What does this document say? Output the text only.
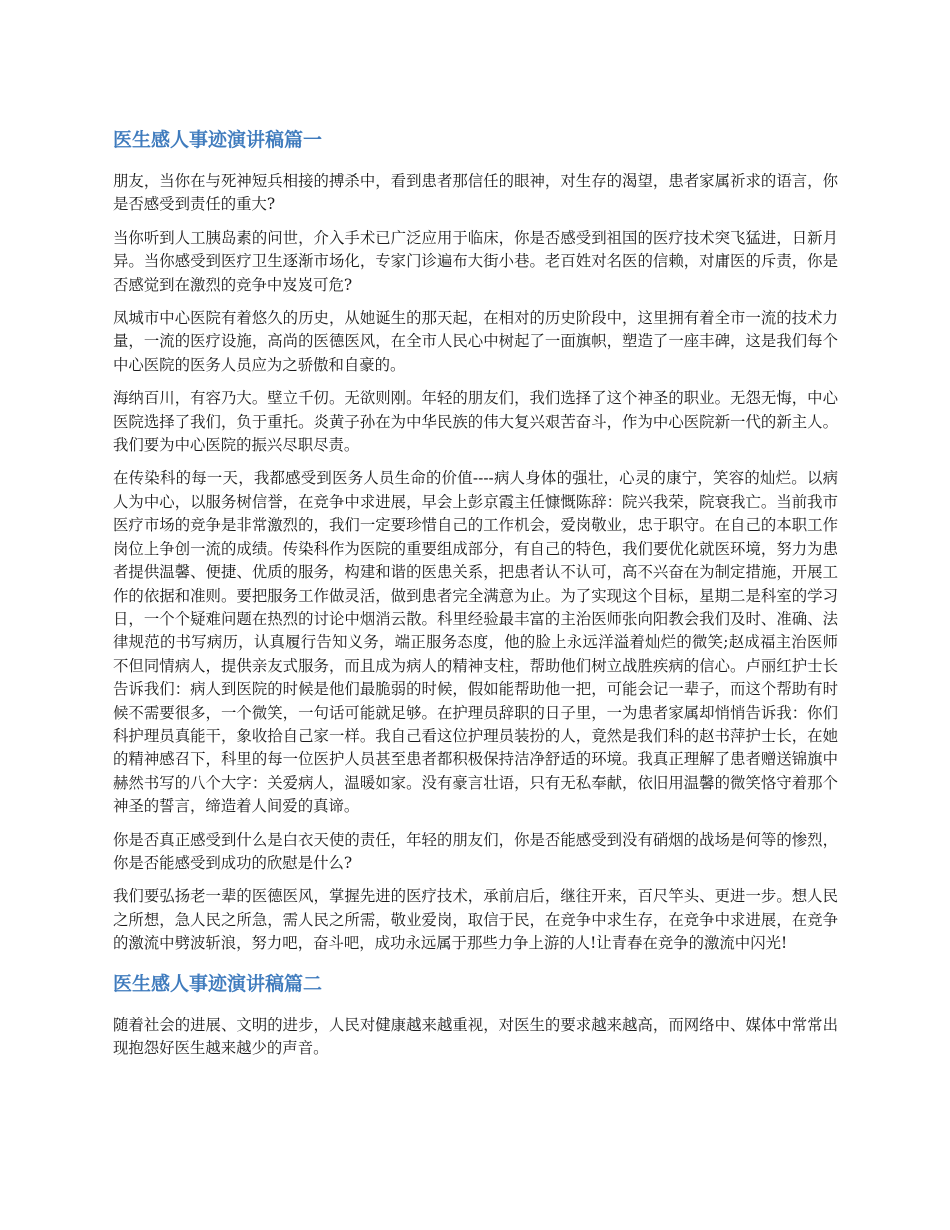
医生感人事迹演讲稿篇一

朋友，当你在与死神短兵相接的搏杀中，看到患者那信任的眼神，对生存的渴望，患者家属祈求的语言，你是否感受到责任的重大?

当你听到人工胰岛素的问世，介入手术已广泛应用于临床，你是否感受到祖国的医疗技术突飞猛进，日新月异。当你感受到医疗卫生逐渐市场化，专家门诊遍布大街小巷。老百姓对名医的信赖，对庸医的斥责，你是否感觉到在激烈的竞争中岌岌可危?

凤城市中心医院有着悠久的历史，从她诞生的那天起，在相对的历史阶段中，这里拥有着全市一流的技术力量，一流的医疗设施，高尚的医德医风，在全市人民心中树起了一面旗帜，塑造了一座丰碑，这是我们每个中心医院的医务人员应为之骄傲和自豪的。

海纳百川，有容乃大。壁立千仞。无欲则刚。年轻的朋友们，我们选择了这个神圣的职业。无怨无悔，中心医院选择了我们，负于重托。炎黄子孙在为中华民族的伟大复兴艰苦奋斗，作为中心医院新一代的新主人。我们要为中心医院的振兴尽职尽责。

在传染科的每一天，我都感受到医务人员生命的价值----病人身体的强壮，心灵的康宁，笑容的灿烂。以病人为中心，以服务树信誉，在竞争中求进展，早会上彭京霞主任慷慨陈辞：院兴我荣，院衰我亡。当前我市医疗市场的竞争是非常激烈的，我们一定要珍惜自己的工作机会，爱岗敬业，忠于职守。在自己的本职工作岗位上争创一流的成绩。传染科作为医院的重要组成部分，有自己的特色，我们要优化就医环境，努力为患者提供温馨、便捷、优质的服务，构建和谐的医患关系，把患者认不认可，高不兴奋在为制定措施，开展工作的依据和准则。要把服务工作做灵活，做到患者完全满意为止。为了实现这个目标，星期二是科室的学习日，一个个疑难问题在热烈的讨论中烟消云散。科里经验最丰富的主治医师张向阳教会我们及时、准确、法律规范的书写病历，认真履行告知义务，端正服务态度，他的脸上永远洋溢着灿烂的微笑;赵成福主治医师不但同情病人，提供亲友式服务，而且成为病人的精神支柱，帮助他们树立战胜疾病的信心。卢丽红护士长告诉我们：病人到医院的时候是他们最脆弱的时候，假如能帮助他一把，可能会记一辈子，而这个帮助有时候不需要很多，一个微笑，一句话可能就足够。在护理员辞职的日子里，一为患者家属却悄悄告诉我：你们科护理员真能干，象收拾自己家一样。我自己看这位护理员装扮的人，竟然是我们科的赵书萍护士长，在她的精神感召下，科里的每一位医护人员甚至患者都积极保持洁净舒适的环境。我真正理解了患者赠送锦旗中赫然书写的八个大字：关爱病人，温暖如家。没有豪言壮语，只有无私奉献，依旧用温馨的微笑恪守着那个神圣的誓言，缔造着人间爱的真谛。

你是否真正感受到什么是白衣天使的责任，年轻的朋友们，你是否能感受到没有硝烟的战场是何等的惨烈，你是否能感受到成功的欣慰是什么?

我们要弘扬老一辈的医德医风，掌握先进的医疗技术，承前启后，继往开来，百尺竿头、更进一步。想人民之所想，急人民之所急，需人民之所需，敬业爱岗，取信于民，在竞争中求生存，在竞争中求进展，在竞争的激流中劈波斩浪，努力吧，奋斗吧，成功永远属于那些力争上游的人!让青春在竞争的激流中闪光!

医生感人事迹演讲稿篇二

随着社会的进展、文明的进步，人民对健康越来越重视，对医生的要求越来越高，而网络中、媒体中常常出现抱怨好医生越来越少的声音。
